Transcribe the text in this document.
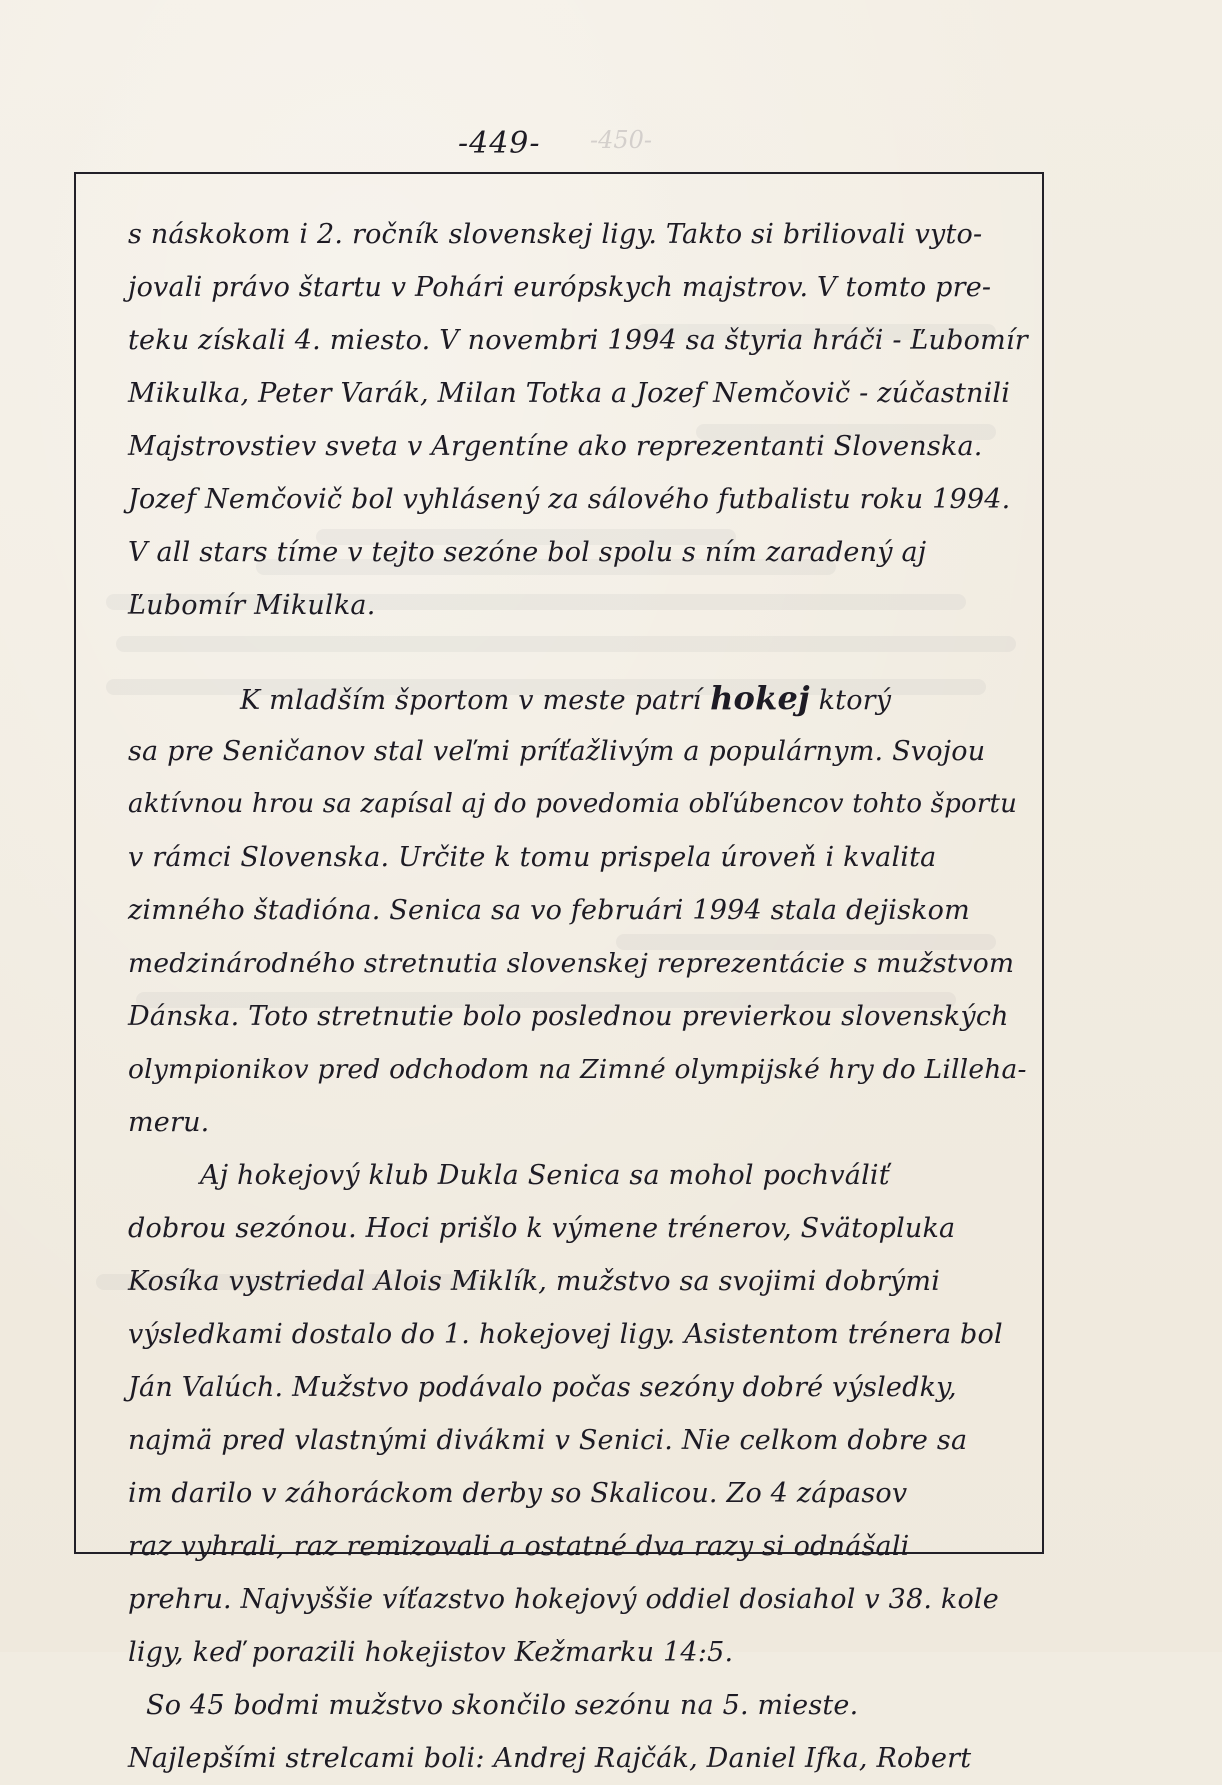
-449- -450-
s náskokom i 2. ročník slovenskej ligy. Takto si briliovali vyto-
jovali právo štartu v Pohári európskych majstrov. V tomto pre-
teku získali 4. miesto. V novembri 1994 sa štyria hráči - Ľubomír
Mikulka, Peter Varák, Milan Totka a Jozef Nemčovič - zúčastnili
Majstrovstiev sveta v Argentíne ako reprezentanti Slovenska.
Jozef Nemčovič bol vyhlásený za sálového futbalistu roku 1994.
V all stars tíme v tejto sezóne bol spolu s ním zaradený aj
Ľubomír Mikulka.
K mladším športom v meste patrí hokej ktorý
sa pre Seničanov stal veľmi príťažlivým a populárnym. Svojou
aktívnou hrou sa zapísal aj do povedomia obľúbencov tohto športu
v rámci Slovenska. Určite k tomu prispela úroveň i kvalita
zimného štadióna. Senica sa vo februári 1994 stala dejiskom
medzinárodného stretnutia slovenskej reprezentácie s mužstvom
Dánska. Toto stretnutie bolo poslednou previerkou slovenských
olympionikov pred odchodom na Zimné olympijské hry do Lilleha-
meru.
Aj hokejový klub Dukla Senica sa mohol pochváliť
dobrou sezónou. Hoci prišlo k výmene trénerov, Svätopluka
Kosíka vystriedal Alois Miklík, mužstvo sa svojimi dobrými
výsledkami dostalo do 1. hokejovej ligy. Asistentom trénera bol
Ján Valúch. Mužstvo podávalo počas sezóny dobré výsledky,
najmä pred vlastnými divákmi v Senici. Nie celkom dobre sa
im darilo v záhoráckom derby so Skalicou. Zo 4 zápasov
raz vyhrali, raz remizovali a ostatné dva razy si odnášali
prehru. Najvyššie víťazstvo hokejový oddiel dosiahol v 38. kole
ligy, keď porazili hokejistov Kežmarku 14:5.
So 45 bodmi mužstvo skončilo sezónu na 5. mieste.
Najlepšími strelcami boli: Andrej Rajčák, Daniel Ifka, Robert
